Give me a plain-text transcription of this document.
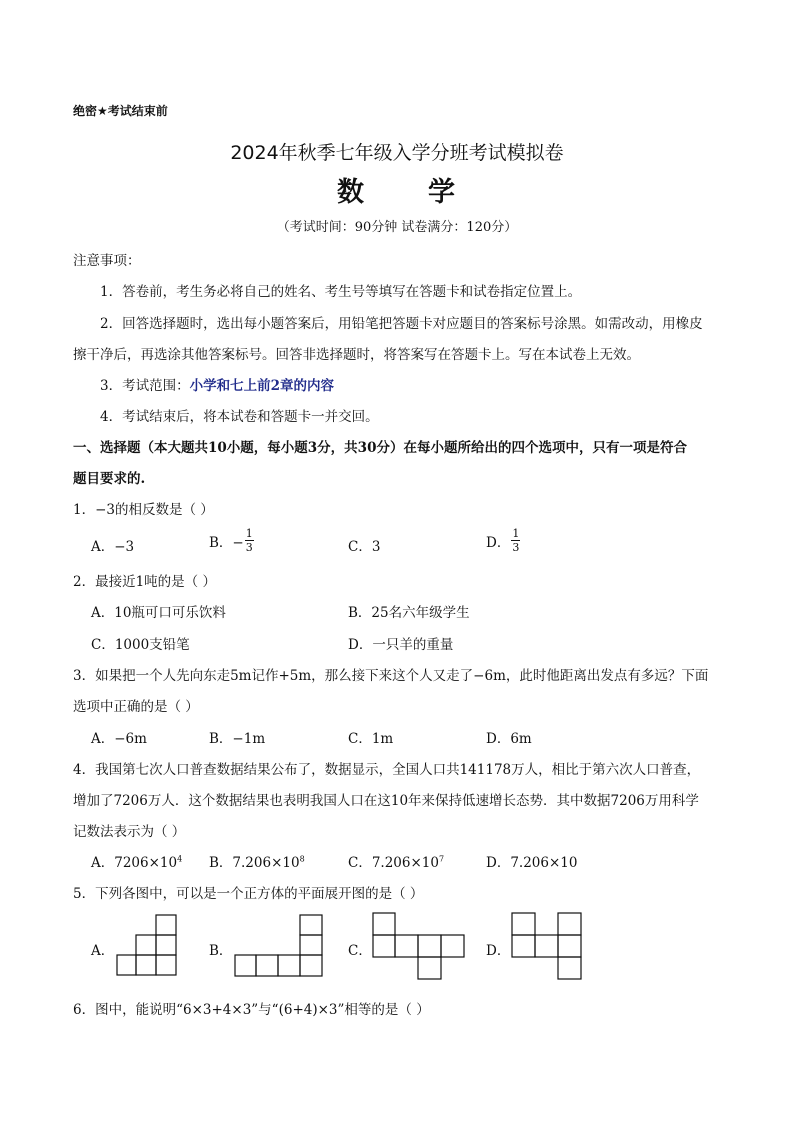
绝密★考试结束前
2024年秋季七年级入学分班考试模拟卷
数 学
（考试时间：90分钟 试卷满分：120分）
注意事项：
1．答卷前，考生务必将自己的姓名、考生号等填写在答题卡和试卷指定位置上。
2．回答选择题时，选出每小题答案后，用铅笔把答题卡对应题目的答案标号涂黑。如需改动，用橡皮
擦干净后，再选涂其他答案标号。回答非选择题时，将答案写在答题卡上。写在本试卷上无效。
3．考试范围：小学和七上前2章的内容
4．考试结束后，将本试卷和答题卡一并交回。
一、选择题（本大题共10小题，每小题3分，共30分）在每小题所给出的四个选项中，只有一项是符合
题目要求的.
1．−3的相反数是（ ）
A．−3	B．− $\frac{1}{3}$	C．3	D． $\frac{1}{3}$
2．最接近1吨的是（ ）
A．10瓶可口可乐饮料	B．25名六年级学生
C．1000支铅笔	D．一只羊的重量
3．如果把一个人先向东走5m记作+5m，那么接下来这个人又走了−6m，此时他距离出发点有多远？下面
选项中正确的是（ ）
A．−6m	B．−1m	C．1m	D．6m
4．我国第七次人口普查数据结果公布了，数据显示，全国人口共141178万人，相比于第六次人口普查，
增加了7206万人．这个数据结果也表明我国人口在这10年来保持低速增长态势．其中数据7206万用科学
记数法表示为（ ）
A．$7206\times 10^4$ B．$7.206\times 10^8$	C．$7.206\times 10^7$	D．7.206×10
5．下列各图中，可以是一个正方体的平面展开图的是（ ）
A．	B．	C．	D．
6．图中，能说明“6×3+4×3”与“(6+4)×3”相等的是（ ）
